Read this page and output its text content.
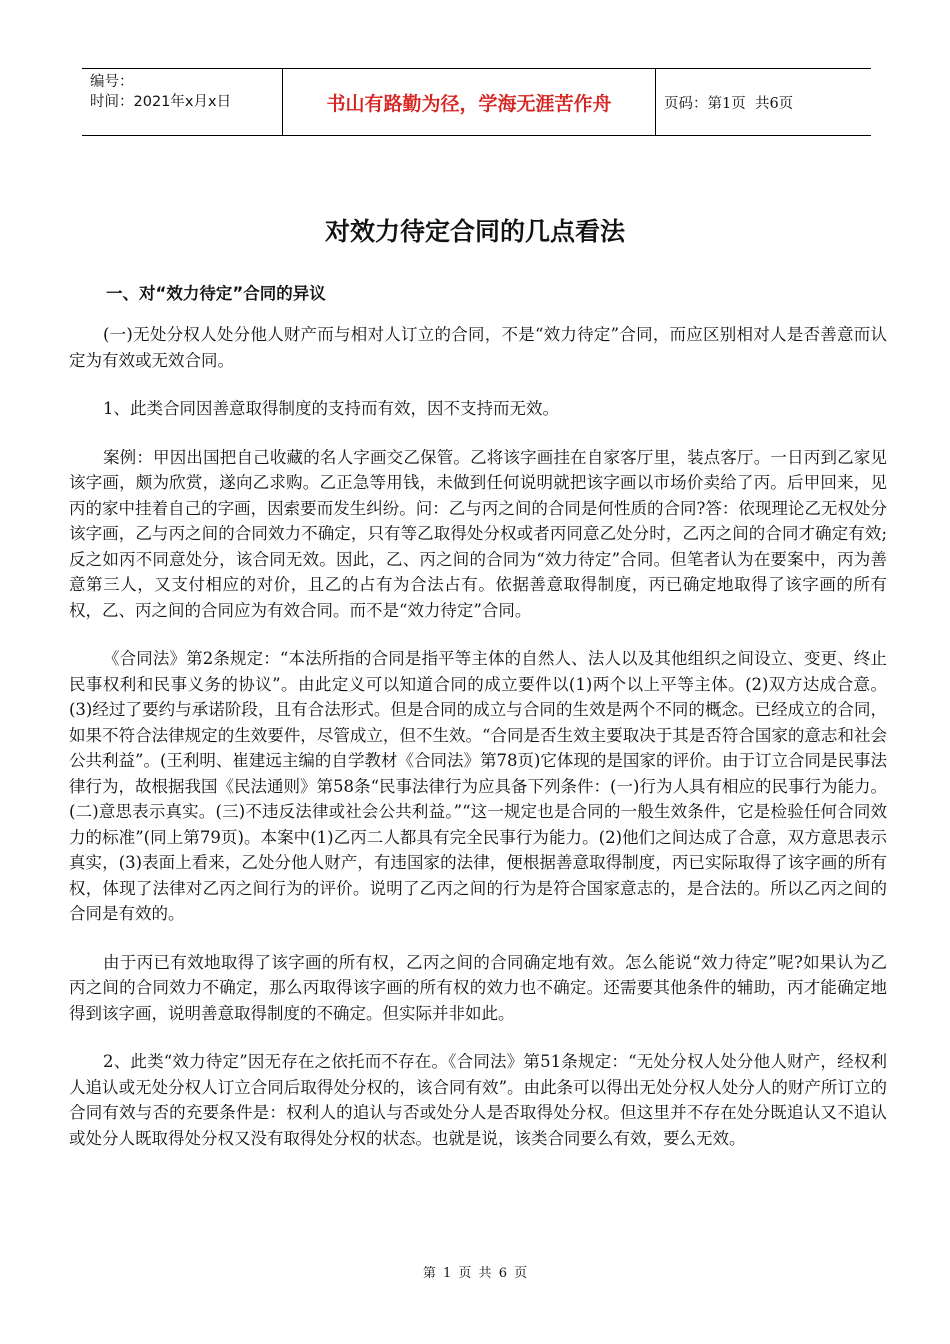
编号：
时间：2021年x月x日	书山有路勤为径，学海无涯苦作舟	页码：第1页  共6页
对效力待定合同的几点看法
一、对“效力待定”合同的异议

(一)无处分权人处分他人财产而与相对人订立的合同，不是“效力待定”合同，而应区别相对人是否善意而认定为有效或无效合同。

1、此类合同因善意取得制度的支持而有效，因不支持而无效。

案例：甲因出国把自己收藏的名人字画交乙保管。乙将该字画挂在自家客厅里，装点客厅。一日丙到乙家见该字画，颇为欣赏，遂向乙求购。乙正急等用钱，未做到任何说明就把该字画以市场价卖给了丙。后甲回来，见丙的家中挂着自己的字画，因索要而发生纠纷。问：乙与丙之间的合同是何性质的合同?答：依现理论乙无权处分该字画，乙与丙之间的合同效力不确定，只有等乙取得处分权或者丙同意乙处分时，乙丙之间的合同才确定有效;反之如丙不同意处分，该合同无效。因此，乙、丙之间的合同为“效力待定”合同。但笔者认为在要案中，丙为善意第三人，又支付相应的对价，且乙的占有为合法占有。依据善意取得制度，丙已确定地取得了该字画的所有权，乙、丙之间的合同应为有效合同。而不是“效力待定”合同。

《合同法》第2条规定：“本法所指的合同是指平等主体的自然人、法人以及其他组织之间设立、变更、终止民事权利和民事义务的协议”。由此定义可以知道合同的成立要件以(1)两个以上平等主体。(2)双方达成合意。(3)经过了要约与承诺阶段，且有合法形式。但是合同的成立与合同的生效是两个不同的概念。已经成立的合同，如果不符合法律规定的生效要件，尽管成立，但不生效。“合同是否生效主要取决于其是否符合国家的意志和社会公共利益”。(王利明、崔建远主编的自学教材《合同法》第78页)它体现的是国家的评价。由于订立合同是民事法律行为，故根据我国《民法通则》第58条“民事法律行为应具备下列条件：(一)行为人具有相应的民事行为能力。(二)意思表示真实。(三)不违反法律或社会公共利益。”“这一规定也是合同的一般生效条件，它是检验任何合同效力的标准”(同上第79页)。本案中(1)乙丙二人都具有完全民事行为能力。(2)他们之间达成了合意，双方意思表示真实，(3)表面上看来，乙处分他人财产，有违国家的法律，便根据善意取得制度，丙已实际取得了该字画的所有权，体现了法律对乙丙之间行为的评价。说明了乙丙之间的行为是符合国家意志的，是合法的。所以乙丙之间的合同是有效的。

由于丙已有效地取得了该字画的所有权，乙丙之间的合同确定地有效。怎么能说“效力待定”呢?如果认为乙丙之间的合同效力不确定，那么丙取得该字画的所有权的效力也不确定。还需要其他条件的辅助，丙才能确定地得到该字画，说明善意取得制度的不确定。但实际并非如此。

2、此类“效力待定”因无存在之依托而不存在。《合同法》第51条规定：“无处分权人处分他人财产，经权利人追认或无处分权人订立合同后取得处分权的，该合同有效”。由此条可以得出无处分权人处分人的财产所订立的合同有效与否的充要条件是：权利人的追认与否或处分人是否取得处分权。但这里并不存在处分既追认又不追认或处分人既取得处分权又没有取得处分权的状态。也就是说，该类合同要么有效，要么无效。

第 1 页 共 6 页
